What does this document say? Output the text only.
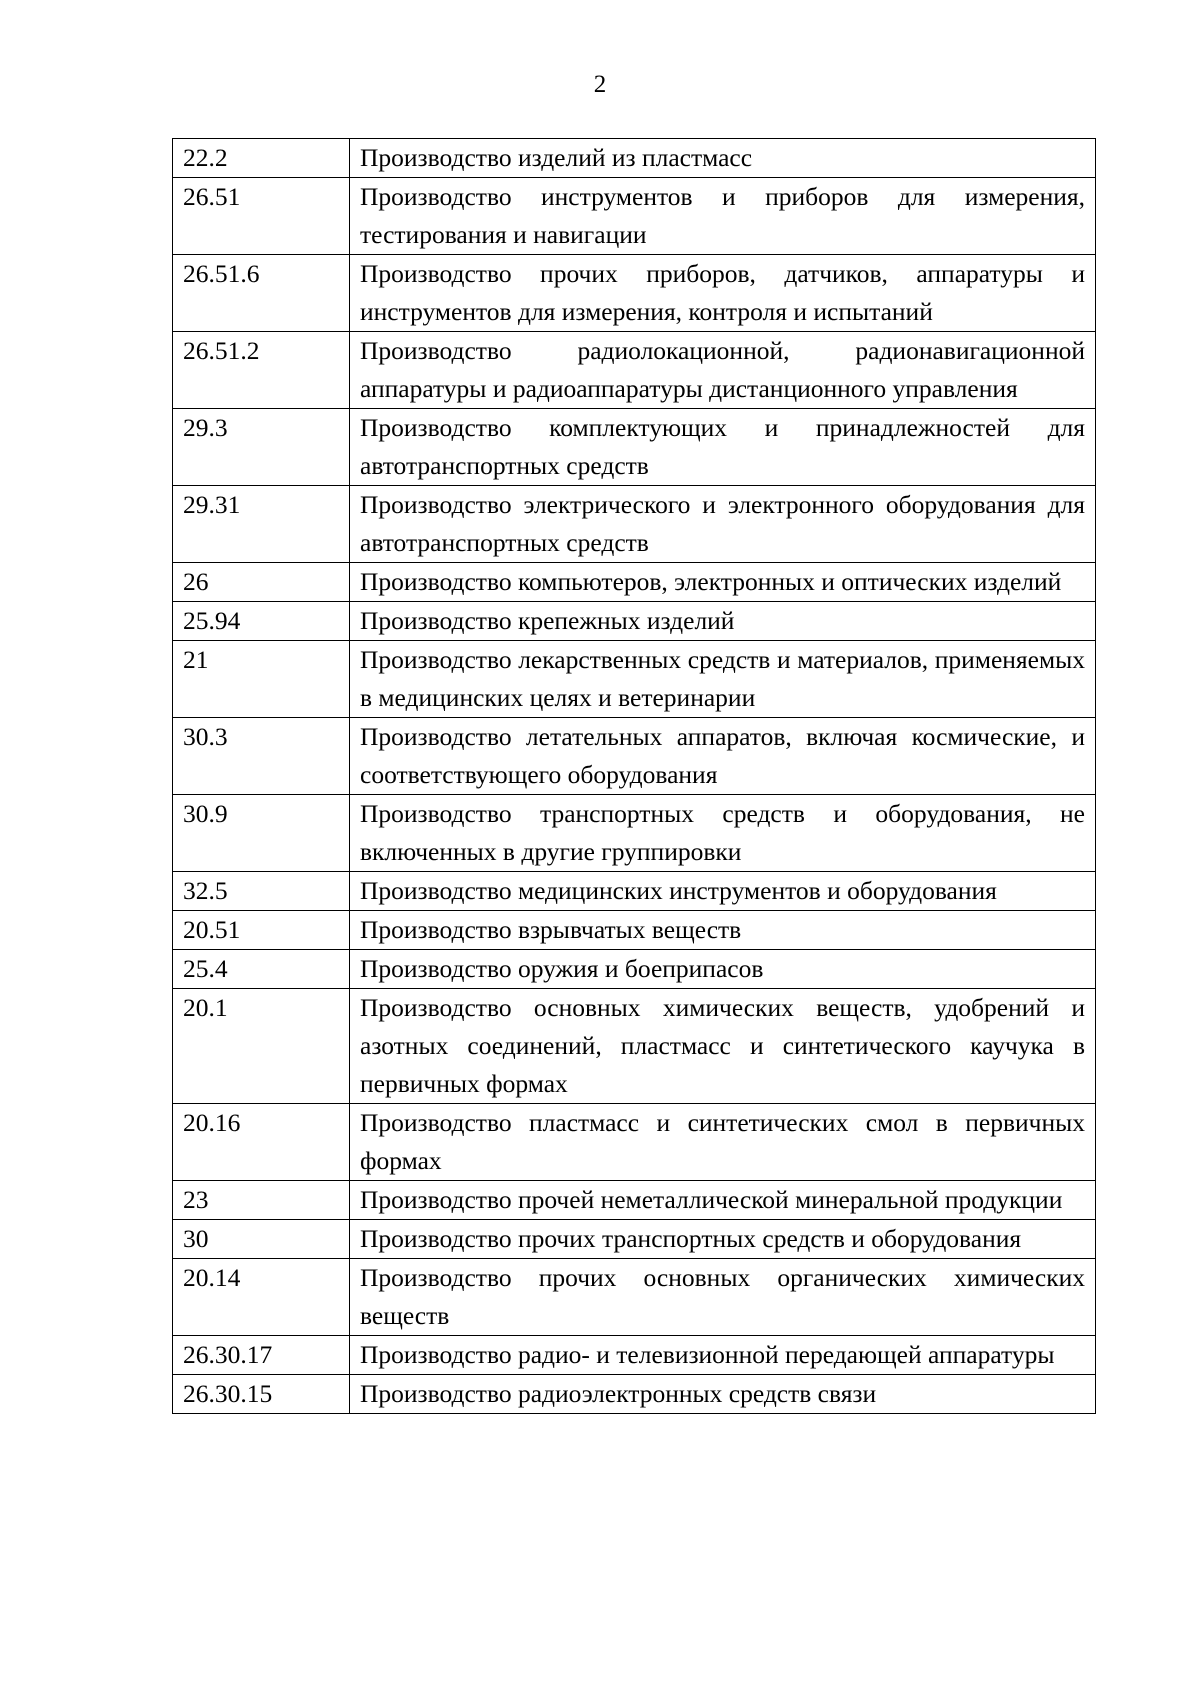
2
22.2	Производство изделий из пластмасс
26.51	Производство инструментов и приборов для измерения, тестирования и навигации
26.51.6	Производство прочих приборов, датчиков, аппаратуры и инструментов для измерения, контроля и испытаний
26.51.2	Производство радиолокационной, радионавигационной аппаратуры и радиоаппаратуры дистанционного управления
29.3	Производство комплектующих и принадлежностей для автотранспортных средств
29.31	Производство электрического и электронного оборудования для автотранспортных средств
26	Производство компьютеров, электронных и оптических изделий
25.94	Производство крепежных изделий
21	Производство лекарственных средств и материалов, применяемых в медицинских целях и ветеринарии
30.3	Производство летательных аппаратов, включая космические, и соответствующего оборудования
30.9	Производство транспортных средств и оборудования, не включенных в другие группировки
32.5	Производство медицинских инструментов и оборудования
20.51	Производство взрывчатых веществ
25.4	Производство оружия и боеприпасов
20.1	Производство основных химических веществ, удобрений и азотных соединений, пластмасс и синтетического каучука в первичных формах
20.16	Производство пластмасс и синтетических смол в первичных формах
23	Производство прочей неметаллической минеральной продукции
30	Производство прочих транспортных средств и оборудования
20.14	Производство прочих основных органических химических веществ
26.30.17	Производство радио- и телевизионной передающей аппаратуры
26.30.15	Производство радиоэлектронных средств связи
